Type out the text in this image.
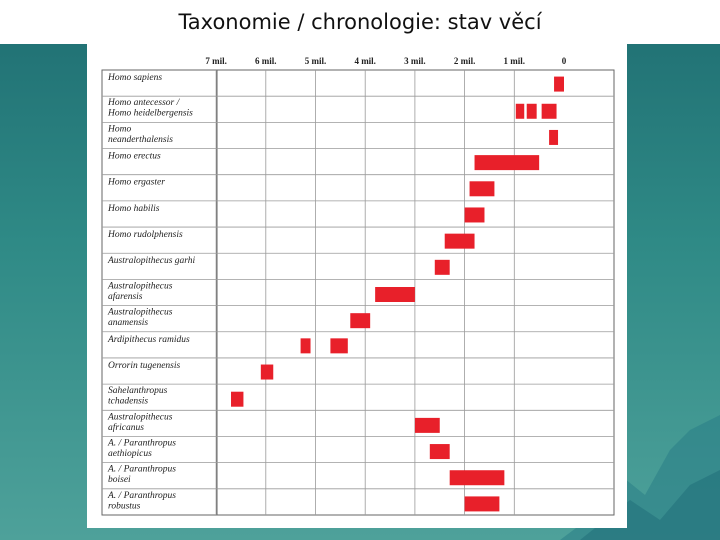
Taxonomie / chronologie: stav věcí
Homo sapiens
Homo antecessor /
Homo heidelbergensis
Homo
neanderthalensis
Homo erectus
Homo ergaster
Homo habilis
Homo rudolphensis
Australopithecus garhi
Australopithecus
afarensis
Australopithecus
anamensis
Ardipithecus ramidus
Orrorin tugenensis
Sahelanthropus
tchadensis
Australopithecus
africanus
A. / Paranthropus
aethiopicus
A. / Paranthropus
boisei
A. / Paranthropus
robustus
7 mil.	6 mil.	5 mil.	4 mil.	3 mil.	2 mil.	1 mil.	0
